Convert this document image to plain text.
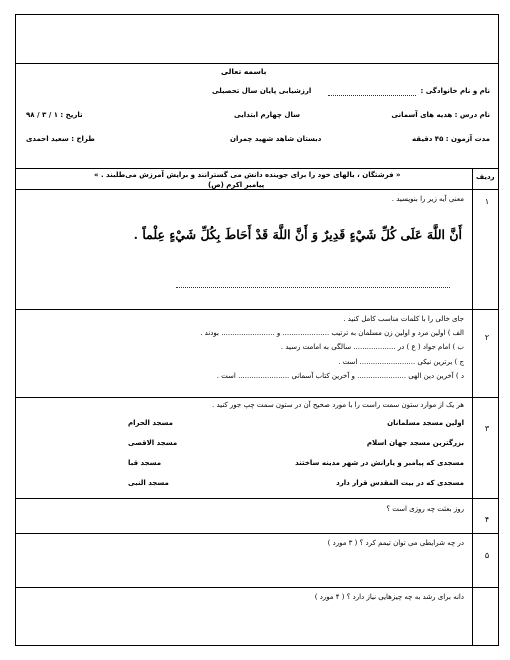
باسمه تعالی
نام و نام خانوادگی :
ارزشیابی پایان سال تحصیلی
نام درس : هدیه های آسمانی
سال چهارم ابتدایی
تاریخ : ۱ / ۳ / ۹۸
مدت آزمون : ۴۵ دقیقه
دبستان شاهد شهید چمران
طراح : سعید احمدی
ردیف
« فرشتگان ، بالهای خود را برای جوینده دانش می گسترانند و برایش آمرزش می‌طلبند . »
پیامبر اکرم (ص)
۱
معنی آیه زیر را بنویسید .
أَنَّ اللَّهَ عَلَى كُلِّ شَيْءٍ قَدِيرٌ وَ أَنَّ اللَّهَ قَدْ أَحَاطَ بِكُلِّ شَيْءٍ عِلْماً .
۲
جای خالی را با کلمات مناسب کامل کنید .
الف ) اولین مرد و اولین زن مسلمان به ترتیب ..................... و ........................ بودند .
ب ) امام جواد ( ع ) در ................... سالگی به امامت رسید .
ج ) برترین نیکی ......................... است .
د ) آخرین دین الهی ...................... و آخرین کتاب آسمانی ....................... است .
۳
هر یک از موارد ستون سمت راست را با مورد صحیح آن در ستون سمت چپ جور کنید .
اولین مسجد مسلمانان
بزرگترین مسجد جهان اسلام
مسجدی که پیامبر و یارانش در شهر مدینه ساختند
مسجدی که در بیت المقدس قرار دارد
مسجد الحرام
مسجد الاقصی
مسجد قبا
مسجد النبی
۴
روز بعثت چه روزی است ؟
۵
در چه شرایطی می توان تیمم کرد ؟ ( ۳ مورد )
دانه برای رشد به چه چیزهایی نیاز دارد ؟ ( ۴ مورد )
